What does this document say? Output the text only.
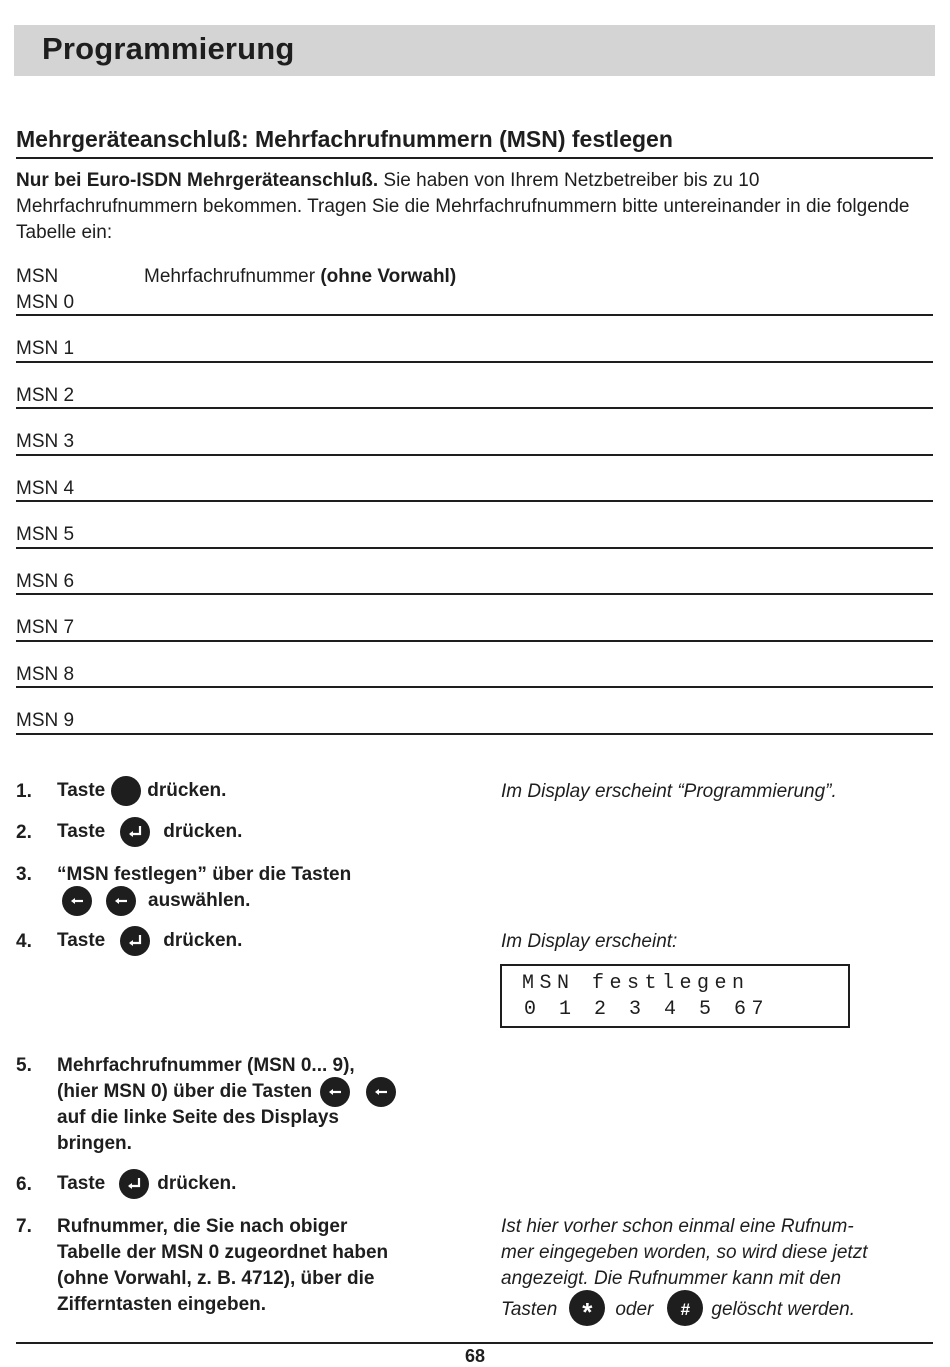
Programmierung
Mehrgeräteanschluß: Mehrfachrufnummern (MSN) festlegen
Nur bei Euro-ISDN Mehrgeräteanschluß. Sie haben von Ihrem Netzbetreiber bis zu 10 Mehrfachrufnummern bekommen. Tragen Sie die Mehrfachrufnummern bitte untereinander in die folgende Tabelle ein:
MSN	Mehrfachrufnummer (ohne Vorwahl)
MSN 0
MSN 1
MSN 2
MSN 3
MSN 4
MSN 5
MSN 6
MSN 7
MSN 8
MSN 9
1. Taste drücken.	Im Display erscheint “Programmierung”.
2. Taste	drücken.
3. “MSN festlegen” über die Tasten
auswählen.
4. Taste	drücken.	Im Display erscheint:
MSN festlegen
0 1 2 3 4 5 67
5. Mehrfachrufnummer (MSN 0... 9),
(hier MSN 0) über die Tasten
auf die linke Seite des Displays
bringen.
6. Taste	drücken.
7. Rufnummer, die Sie nach obiger
Tabelle der MSN 0 zugeordnet haben
(ohne Vorwahl, z. B. 4712), über die
Zifferntasten eingeben.
Ist hier vorher schon einmal eine Rufnum-
mer eingegeben worden, so wird diese jetzt
angezeigt. Die Rufnummer kann mit den
Tasten * oder # gelöscht werden.
68
